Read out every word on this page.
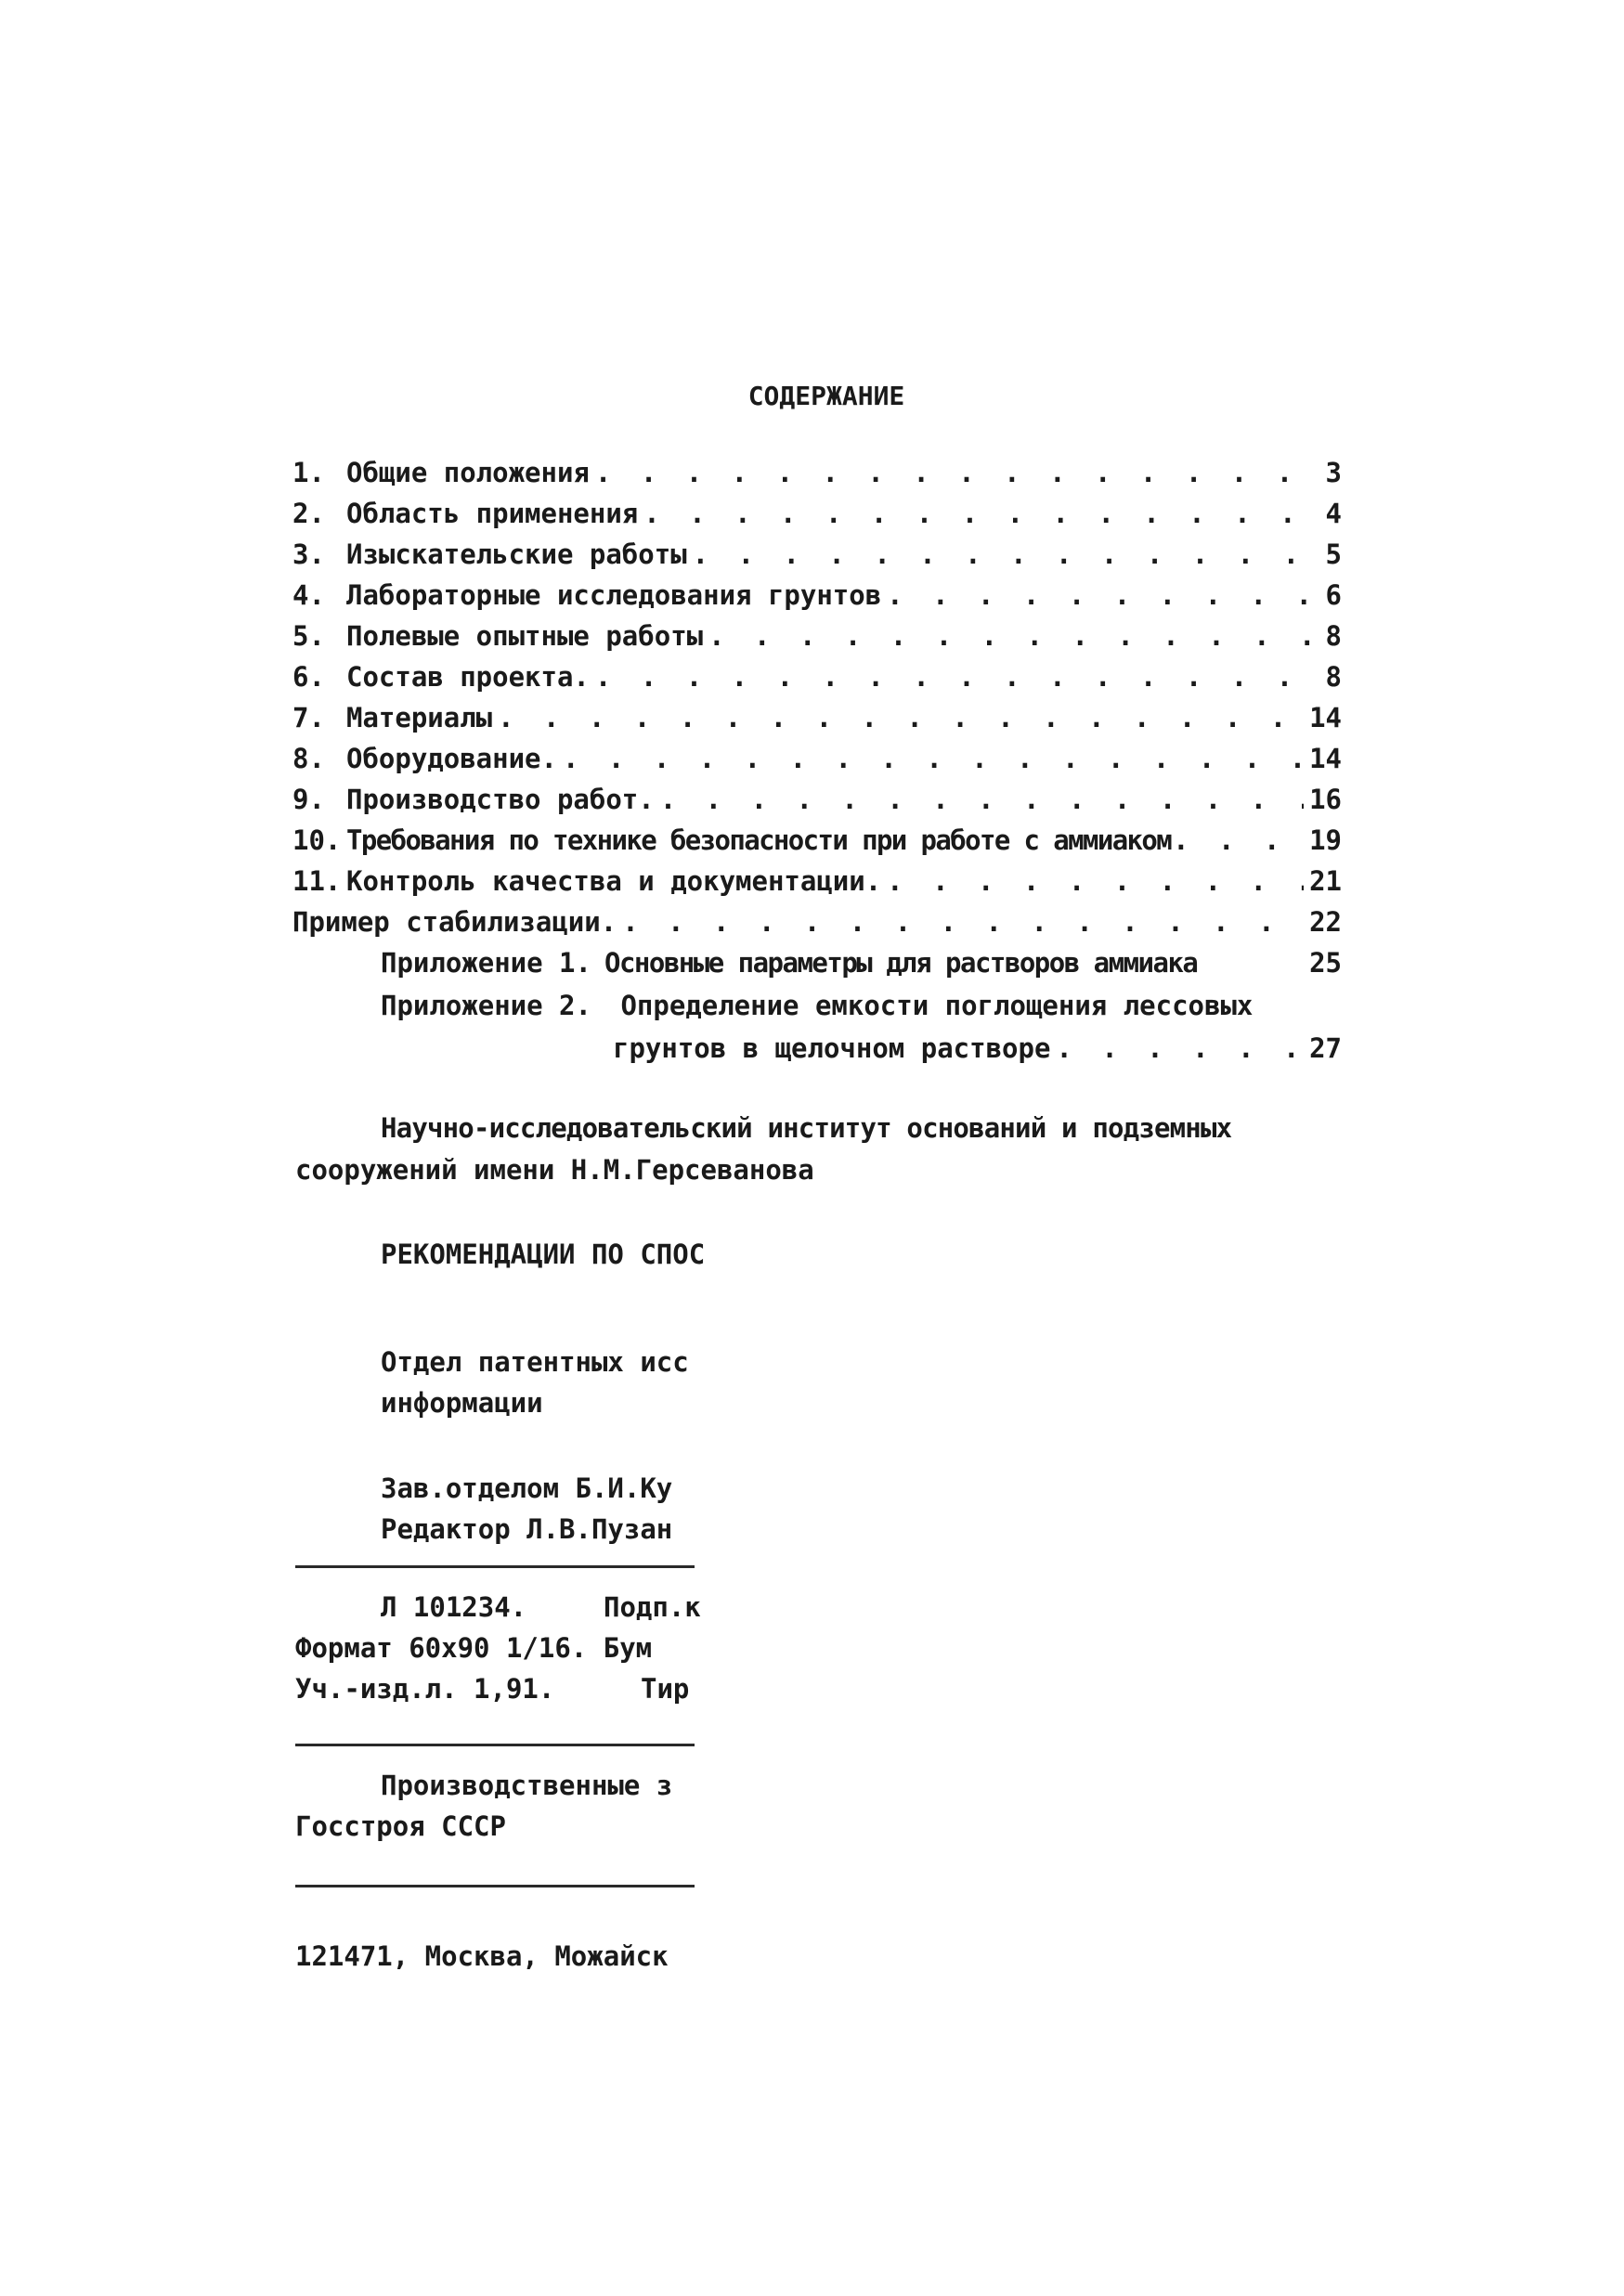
СОДЕРЖАНИЕ
1. Общие положения . . .	3
2. Область применения . . .	4
3. Изыскательские работы . . .	5
4. Лабораторные исследования грунтов . . .	6
5. Полевые опытные работы . . .	8
6. Состав проекта. . . .	8
7. Материалы . . .	14
8. Оборудование. . . .	14
9. Производство работ. . . .	16
10. Требования по технике безопасности при работе с аммиаком . . .	19
11. Контроль качества и документации. . . .	21
Пример стабилизации. . . .	22
Приложение 1. Основные параметры для растворов аммиака	25
Приложение 2. Определение емкости поглощения лессовых
грунтов в щелочном растворе . . .	27
Научно-исследовательский институт оснований и подземных
сооружений имени Н.М.Герсеванова
РЕКОМЕНДАЦИИ ПО СПОС
Отдел патентных исс
информации
Зав.отделом Б.И.Ку
Редактор Л.В.Пузан
Л 101234.	Подп.к
Формат 60х90 1/16. Бум
Уч.-изд.л. 1,91.	Тир
Производственные з
Госстроя СССР
121471, Москва, Можайск
